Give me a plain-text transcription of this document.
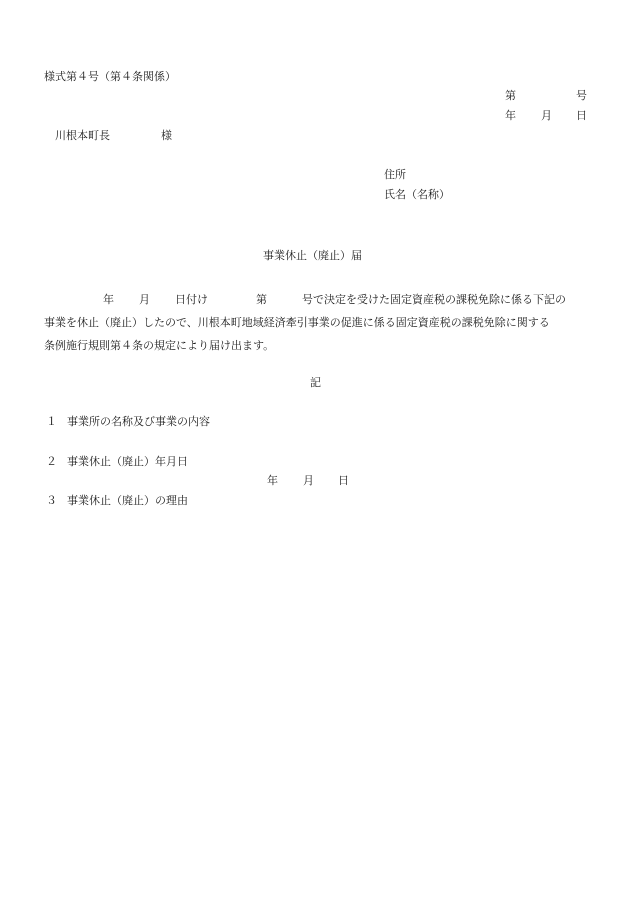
様式第４号（第４条関係）
第	号
年 月 日
川根本町長	様
住所
氏名（名称）
事業休止（廃止）届

年 月 日付け	第	号で決定を受けた固定資産税の課税免除に係る下記の

事業を休止（廃止）したので、川根本町地域経済牽引事業の促進に係る固定資産税の課税免除に関する

条例施行規則第４条の規定により届け出ます。

記
１ 事業所の名称及び事業の内容
２ 事業休止（廃止）年月日
年 月 日
３ 事業休止（廃止）の理由
